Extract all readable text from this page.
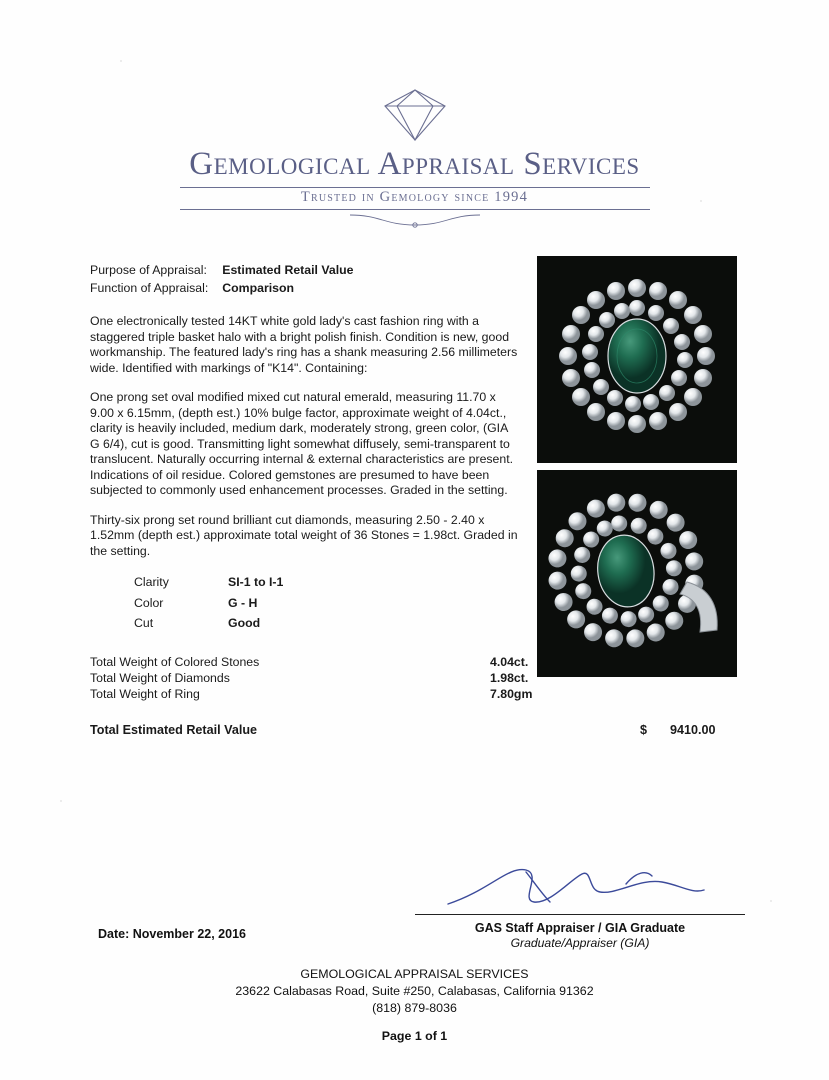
Gemological Appraisal Services
Trusted in Gemology since 1994
Purpose of Appraisal:	Estimated Retail Value
Function of Appraisal:	Comparison

One electronically tested 14KT white gold lady's cast fashion ring with a staggered triple basket halo with a bright polish finish. Condition is new, good workmanship. The featured lady's ring has a shank measuring 2.56 millimeters wide. Identified with markings of "K14". Containing:

One prong set oval modified mixed cut natural emerald, measuring 11.70 x 9.00 x 6.15mm, (depth est.) 10% bulge factor, approximate weight of 4.04ct., clarity is heavily included, medium dark, moderately strong, green color, (GIA G 6/4), cut is good. Transmitting light somewhat diffusely, semi-transparent to translucent. Naturally occurring internal & external characteristics are present. Indications of oil residue. Colored gemstones are presumed to have been subjected to commonly used enhancement processes. Graded in the setting.

Thirty-six prong set round brilliant cut diamonds, measuring 2.50 - 2.40 x 1.52mm (depth est.) approximate total weight of 36 Stones = 1.98ct. Graded in the setting.

Clarity	SI-1 to I-1
Color	G - H
Cut	Good
Total Weight of Colored Stones	4.04ct.
Total Weight of Diamonds	1.98ct.
Total Weight of Ring	7.80gm
Total Estimated Retail Value	$ 9410.00
GAS Staff Appraiser / GIA Graduate
Graduate/Appraiser (GIA)
Date: November 22, 2016
GEMOLOGICAL APPRAISAL SERVICES
23622 Calabasas Road, Suite #250, Calabasas, California 91362
(818) 879-8036
Page 1 of 1
